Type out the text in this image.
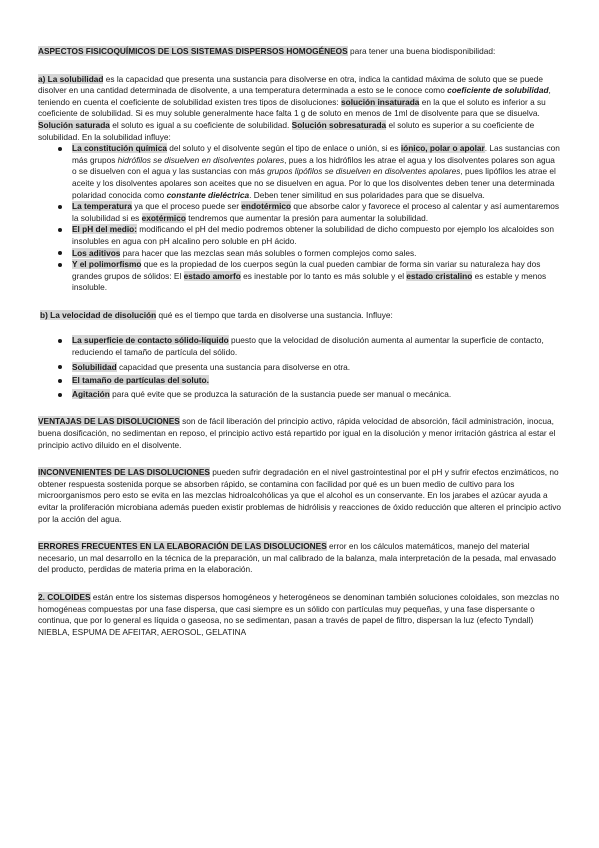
ASPECTOS FISICOQUÍMICOS DE LOS SISTEMAS DISPERSOS HOMOGÉNEOS para tener una buena biodisponibilidad:

a) La solubilidad es la capacidad que presenta una sustancia para disolverse en otra, indica la cantidad máxima de soluto que se puede disolver en una cantidad determinada de disolvente, a una temperatura determinada a esto se le conoce como coeficiente de solubilidad, teniendo en cuenta el coeficiente de solubilidad existen tres tipos de disoluciones: solución insaturada en la que el soluto es inferior a su coeficiente de solubilidad. Si es muy soluble generalmente hace falta 1 g de soluto en menos de 1ml de disolvente para que se disuelva. Solución saturada el soluto es igual a su coeficiente de solubilidad. Solución sobresaturada el soluto es superior a su coeficiente de solubilidad. En la solubilidad influye:

La constitución química del soluto y el disolvente según el tipo de enlace o unión, si es iónico, polar o apolar. Las sustancias con más grupos hidrófilos se disuelven en disolventes polares, pues a los hidrófilos les atrae el agua y los disolventes polares son agua o se disuelven con el agua y las sustancias con más grupos lipófilos se disuelven en disolventes apolares, pues lipófilos les atrae el aceite y los disolventes apolares son aceites que no se disuelven en agua. Por lo que los disolventes deben tener una determinada polaridad conocida como constante dieléctrica. Deben tener similitud en sus polaridades para que se disuelva.
La temperatura ya que el proceso puede ser endotérmico que absorbe calor y favorece el proceso al calentar y así aumentaremos la solubilidad si es exotérmico tendremos que aumentar la presión para aumentar la solubilidad.
El pH del medio: modificando el pH del medio podremos obtener la solubilidad de dicho compuesto por ejemplo los alcaloides son insolubles en agua con pH alcalino pero soluble en pH ácido.
Los aditivos para hacer que las mezclas sean más solubles o formen complejos como sales.
Y el polimorfismo que es la propiedad de los cuerpos según la cual pueden cambiar de forma sin variar su naturaleza hay dos grandes grupos de sólidos: El estado amorfo es inestable por lo tanto es más soluble y el estado cristalino es estable y menos insoluble.

b) La velocidad de disolución qué es el tiempo que tarda en disolverse una sustancia. Influye:

La superficie de contacto sólido-líquido puesto que la velocidad de disolución aumenta al aumentar la superficie de contacto, reduciendo el tamaño de partícula del sólido.
Solubilidad capacidad que presenta una sustancia para disolverse en otra.
El tamaño de partículas del soluto.
Agitación para qué evite que se produzca la saturación de la sustancia puede ser manual o mecánica.

VENTAJAS DE LAS DISOLUCIONES son de fácil liberación del principio activo, rápida velocidad de absorción, fácil administración, inocua, buena dosificación, no sedimentan en reposo, el principio activo está repartido por igual en la disolución y menor irritación gástrica al estar el principio activo diluido en el disolvente.

INCONVENIENTES DE LAS DISOLUCIONES pueden sufrir degradación en el nivel gastrointestinal por el pH y sufrir efectos enzimáticos, no obtener respuesta sostenida porque se absorben rápido, se contamina con facilidad por qué es un buen medio de cultivo para los microorganismos pero esto se evita en las mezclas hidroalcohólicas ya que el alcohol es un conservante. En los jarabes el azúcar ayuda a evitar la proliferación microbiana además pueden existir problemas de hidrólisis y reacciones de óxido reducción que alteren el principio activo por la acción del agua.

ERRORES FRECUENTES EN LA ELABORACIÓN DE LAS DISOLUCIONES error en los cálculos matemáticos, manejo del material necesario, un mal desarrollo en la técnica de la preparación, un mal calibrado de la balanza, mala interpretación de la pesada, mal envasado del producto, perdidas de materia prima en la elaboración.

2. COLOIDES están entre los sistemas dispersos homogéneos y heterogéneos se denominan también soluciones coloidales, son mezclas no homogéneas compuestas por una fase dispersa, que casi siempre es un sólido con partículas muy pequeñas, y una fase dispersante o continua, que por lo general es líquida o gaseosa, no se sedimentan, pasan a través de papel de filtro, dispersan la luz (efecto Tyndall) NIEBLA, ESPUMA DE AFEITAR, AEROSOL, GELATINA
